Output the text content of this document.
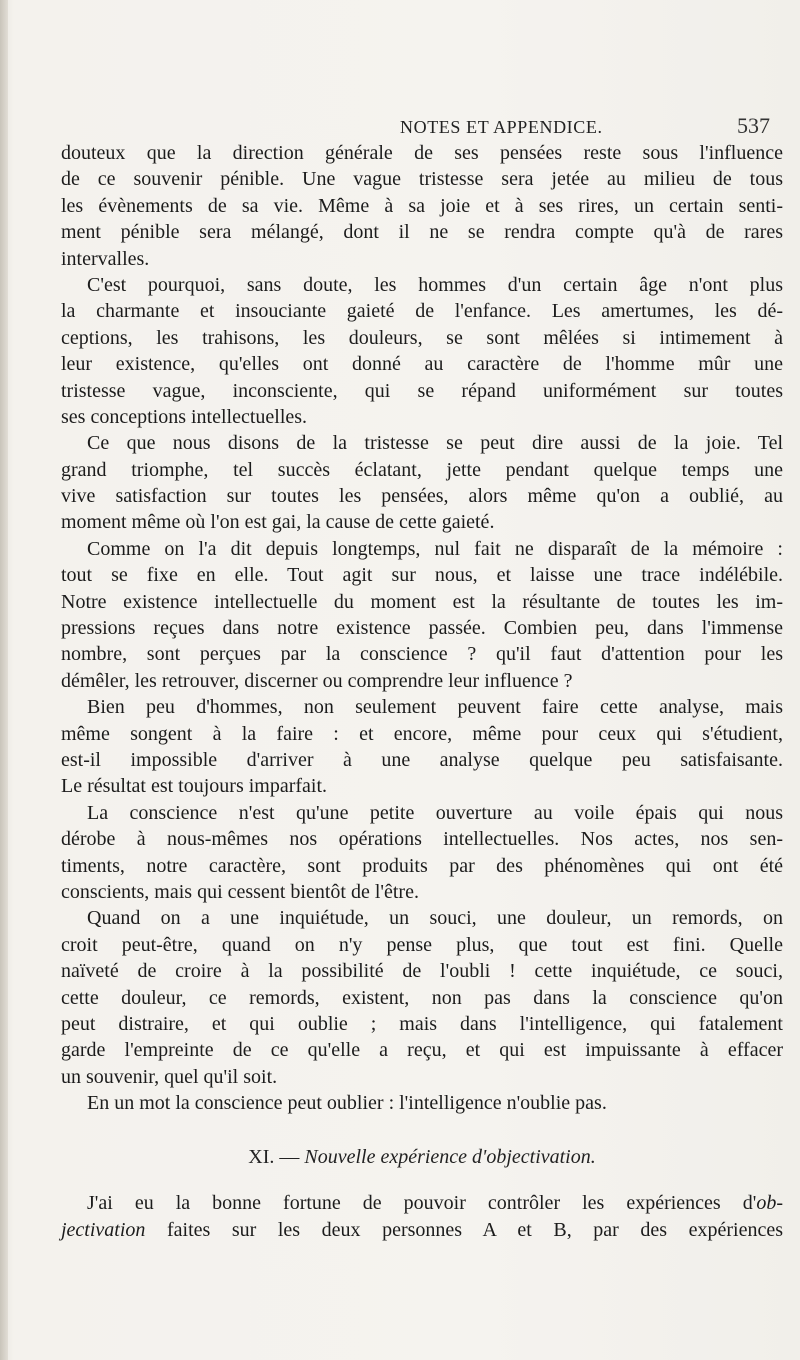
NOTES ET APPENDICE.	537
douteux que la direction générale de ses pensées reste sous l'influence
de ce souvenir pénible. Une vague tristesse sera jetée au milieu de tous
les évènements de sa vie. Même à sa joie et à ses rires, un certain senti-
ment pénible sera mélangé, dont il ne se rendra compte qu'à de rares
intervalles.
C'est pourquoi, sans doute, les hommes d'un certain âge n'ont plus
la charmante et insouciante gaieté de l'enfance. Les amertumes, les dé-
ceptions, les trahisons, les douleurs, se sont mêlées si intimement à
leur existence, qu'elles ont donné au caractère de l'homme mûr une
tristesse vague, inconsciente, qui se répand uniformément sur toutes
ses conceptions intellectuelles.
Ce que nous disons de la tristesse se peut dire aussi de la joie. Tel
grand triomphe, tel succès éclatant, jette pendant quelque temps une
vive satisfaction sur toutes les pensées, alors même qu'on a oublié, au
moment même où l'on est gai, la cause de cette gaieté.
Comme on l'a dit depuis longtemps, nul fait ne disparaît de la mémoire :
tout se fixe en elle. Tout agit sur nous, et laisse une trace indélébile.
Notre existence intellectuelle du moment est la résultante de toutes les im-
pressions reçues dans notre existence passée. Combien peu, dans l'immense
nombre, sont perçues par la conscience ? qu'il faut d'attention pour les
démêler, les retrouver, discerner ou comprendre leur influence ?
Bien peu d'hommes, non seulement peuvent faire cette analyse, mais
même songent à la faire : et encore, même pour ceux qui s'étudient,
est-il impossible d'arriver à une analyse quelque peu satisfaisante.
Le résultat est toujours imparfait.
La conscience n'est qu'une petite ouverture au voile épais qui nous
dérobe à nous-mêmes nos opérations intellectuelles. Nos actes, nos sen-
timents, notre caractère, sont produits par des phénomènes qui ont été
conscients, mais qui cessent bientôt de l'être.
Quand on a une inquiétude, un souci, une douleur, un remords, on
croit peut-être, quand on n'y pense plus, que tout est fini. Quelle
naïveté de croire à la possibilité de l'oubli ! cette inquiétude, ce souci,
cette douleur, ce remords, existent, non pas dans la conscience qu'on
peut distraire, et qui oublie ; mais dans l'intelligence, qui fatalement
garde l'empreinte de ce qu'elle a reçu, et qui est impuissante à effacer
un souvenir, quel qu'il soit.
En un mot la conscience peut oublier : l'intelligence n'oublie pas.
XI. — Nouvelle expérience d'objectivation.
J'ai eu la bonne fortune de pouvoir contrôler les expériences d'ob-
jectivation faites sur les deux personnes A et B, par des expériences
